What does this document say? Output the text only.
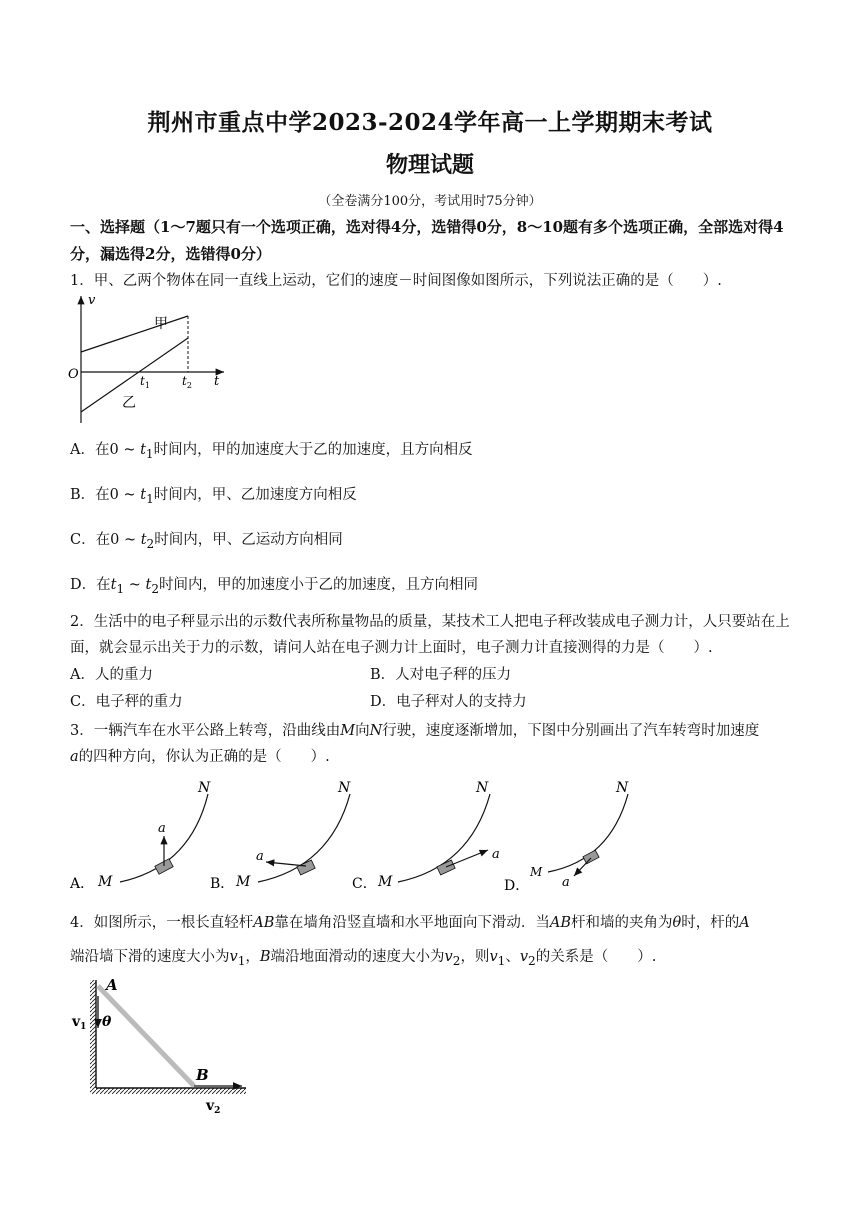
荆州市重点中学2023-2024学年高一上学期期末考试
物理试题
（全卷满分100分，考试用时75分钟）
一、选择题（1～7题只有一个选项正确，选对得4分，选错得0分，8～10题有多个选项正确，全部选对得4分，漏选得2分，选错得0分）
1．甲、乙两个物体在同一直线上运动，它们的速度－时间图像如图所示，下列说法正确的是（　　）.
v
O	t
甲
乙
$t_1$	$t_2$
A．在0 ~ $t_1$时间内，甲的加速度大于乙的加速度，且方向相反
B．在0 ~ $t_1$时间内，甲、乙加速度方向相反
C．在0 ~ $t_2$时间内，甲、乙运动方向相同
D．在$t_1$ ~ $t_2$时间内，甲的加速度小于乙的加速度，且方向相同
2．生活中的电子秤显示出的示数代表所称量物品的质量，某技术工人把电子秤改装成电子测力计，人只要站在上面，就会显示出关于力的示数，请问人站在电子测力计上面时，电子测力计直接测得的力是（　　）.
A．人的重力	B．人对电子秤的压力
C．电子秤的重力	D．电子秤对人的支持力
3．一辆汽车在水平公路上转弯，沿曲线由M向N行驶，速度逐渐增加，下图中分别画出了汽车转弯时加速度
a的四种方向，你认为正确的是（　　）.
A． M
N
a
B． M
N
a
C． M
N
a
D．
M
N
a
4．如图所示，一根长直轻杆AB靠在墙角沿竖直墙和水平地面向下滑动．当AB杆和墙的夹角为θ时，杆的A
端沿墙下滑的速度大小为$v_1$，B端沿地面滑动的速度大小为$v_2$，则$v_1$、$v_2$的关系是（　　）.
A
B
θ
$v_1$
$v_2$
